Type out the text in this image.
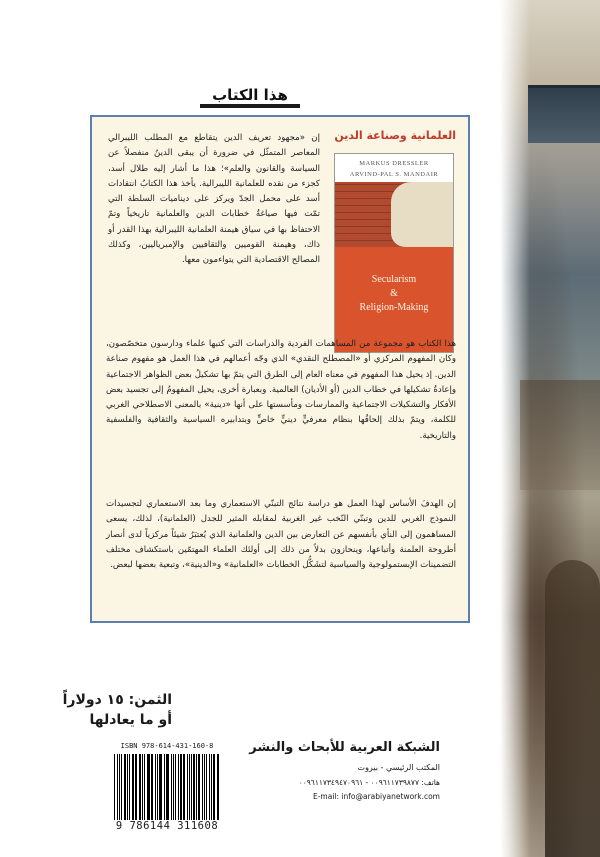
هذا الكتاب
العلمانية وصناعة الدين
MARKUS DRESSLER
ARVIND-PAL S. MANDAIR
Secularism
&
Religion-Making

إن «مجهود تعريف الدين يتقاطع مع المطلب الليبرالي المعاصر المتمثّل في ضرورة أن يبقى الدينُ منفصلاً عن السياسة والقانون والعلم»؛ هذا ما أشار إليه طلال أسد، كجزء من نقده للعلمانية الليبرالية. يأخذ هذا الكتابُ انتقادات أسد على محمل الجدّ ويركز على ديناميات السلطة التي تمّت فيها صياغةُ خطابات الدين والعلمانية تاريخياً وتمّ الاحتفاظ بها في سياق هيمنة العلمانية الليبرالية بهذا القدر أو ذاك، وهيمنة القوميين والثقافيين والإمبرياليين، وكذلك المصالح الاقتصادية التي يتواءمون معها.

هذا الكتاب هو مجموعة من المساهمات الفردية والدراسات التي كتبها علماء ودارسون متخصّصون، وكان المفهوم المركزي أو «المصطلح النقدي» الذي وجّه أعمالهم في هذا العمل هو مفهوم صناعة الدين. إذ يحيل هذا المفهوم في معناه العام إلى الطرق التي يتمّ بها تشكيلُ بعض الظواهر الاجتماعية وإعادةُ تشكيلها في خطاب الدين (أو الأديان) العالمية. وبعبارة أخرى، يحيل المفهومُ إلى تجسيد بعض الأفكار والتشكيلات الاجتماعية والممارسات ومأسستها على أنها «دينية» بالمعنى الاصطلاحي الغربي للكلمة، ويتمّ بذلك إلحاقُها بنظام معرفيٍّ دينيٍّ خاصٍّ وبتدابيره السياسية والثقافية والفلسفية والتاريخية.

إن الهدفَ الأساس لهذا العمل هو دراسة نتائج التبنّي الاستعماري وما بعد الاستعماري لتجسيدات النموذج الغربي للدين وتبنّي النّخب غير الغربية لمقابله المثير للجدل (العلمانية)، لذلك، يسعى المساهمون إلى النأي بأنفسهم عن التعارض بين الدين والعلمانية الذي يُعتبَرُ شيئاً مركزياً لدى أنصار أطروحة العلمنة وأتباعها، وينحازون بدلاً من ذلك إلى أولئك العلماء المهتمّين باستكشاف مختلف التضمينات الإبستمولوجية والسياسية لتشَكُّل الخطابات «العلمانية» و«الدينية»، وتبعية بعضها لبعض.

الثمن: ١٥ دولاراً
أو ما يعادلها
ISBN 978-614-431-160-8
9 786144 311608
الشبكة العربية للأبحاث والنشر
المكتب الرئيسي - بيروت
هاتف: ٠٠٩٦١١٧٣٩٨٧٧ - ٠٠٩٦١١٧٣٤٩٤٧٠٩٦١
E-mail: info@arabiyanetwork.com
